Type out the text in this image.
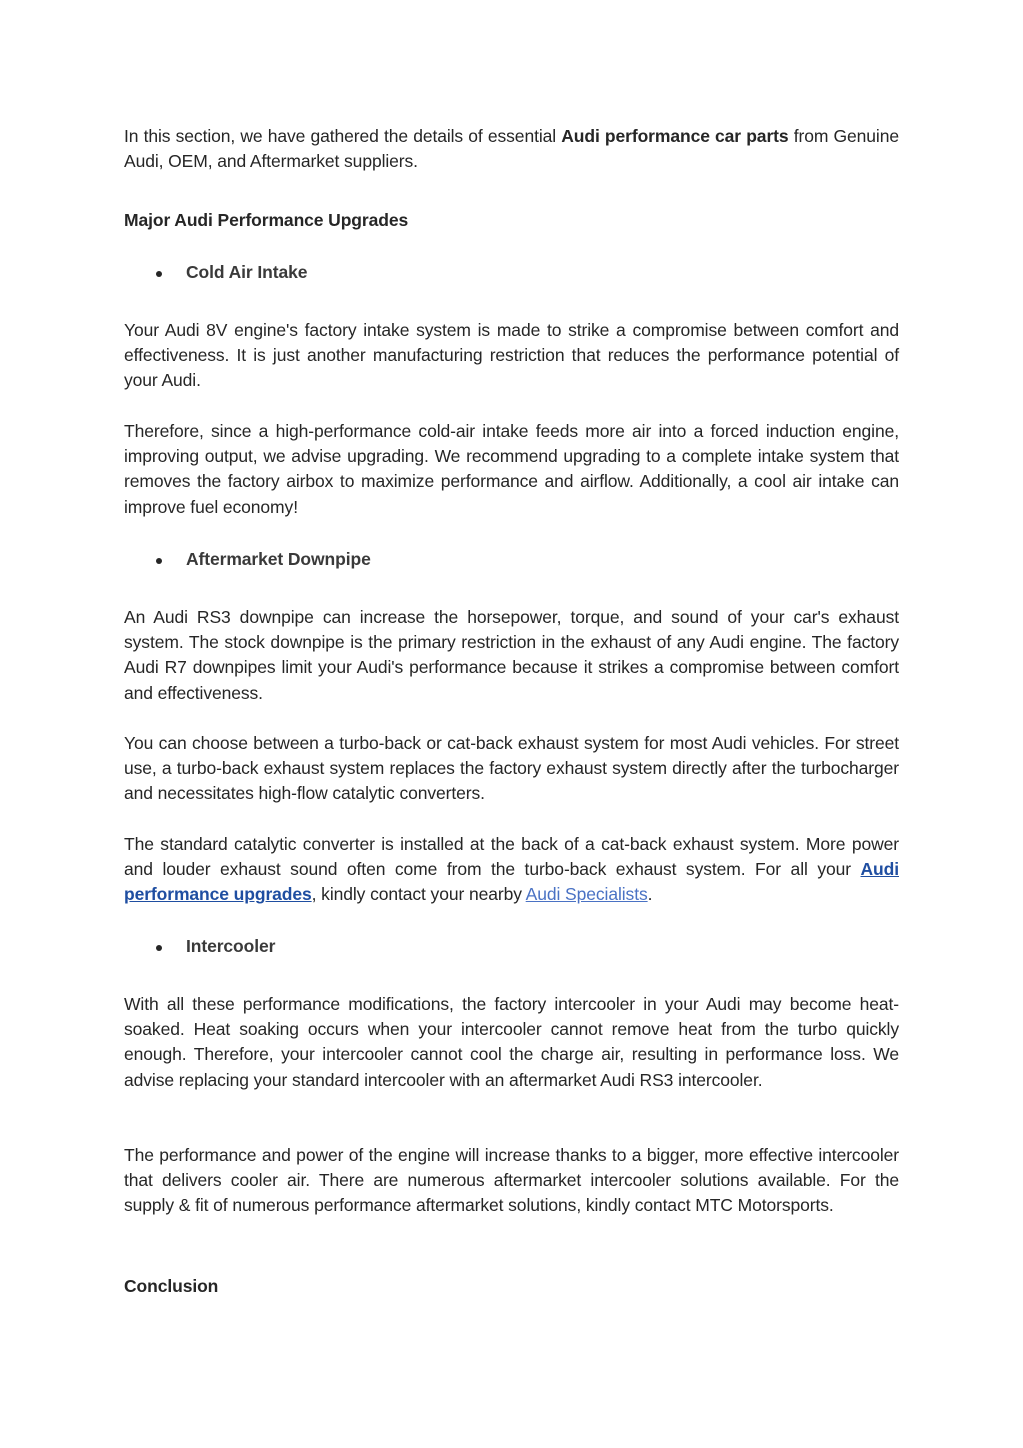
In this section, we have gathered the details of essential Audi performance car parts from Genuine Audi, OEM, and Aftermarket suppliers.

Major Audi Performance Upgrades
Cold Air Intake

Your Audi 8V engine's factory intake system is made to strike a compromise between comfort and effectiveness. It is just another manufacturing restriction that reduces the performance potential of your Audi.

Therefore, since a high-performance cold-air intake feeds more air into a forced induction engine, improving output, we advise upgrading. We recommend upgrading to a complete intake system that removes the factory airbox to maximize performance and airflow. Additionally, a cool air intake can improve fuel economy!

Aftermarket Downpipe

An Audi RS3 downpipe can increase the horsepower, torque, and sound of your car's exhaust system. The stock downpipe is the primary restriction in the exhaust of any Audi engine. The factory Audi R7 downpipes limit your Audi's performance because it strikes a compromise between comfort and effectiveness.

You can choose between a turbo-back or cat-back exhaust system for most Audi vehicles. For street use, a turbo-back exhaust system replaces the factory exhaust system directly after the turbocharger and necessitates high-flow catalytic converters.

The standard catalytic converter is installed at the back of a cat-back exhaust system. More power and louder exhaust sound often come from the turbo-back exhaust system. For all your Audi performance upgrades, kindly contact your nearby Audi Specialists.

Intercooler

With all these performance modifications, the factory intercooler in your Audi may become heat-soaked. Heat soaking occurs when your intercooler cannot remove heat from the turbo quickly enough. Therefore, your intercooler cannot cool the charge air, resulting in performance loss. We advise replacing your standard intercooler with an aftermarket Audi RS3 intercooler.

The performance and power of the engine will increase thanks to a bigger, more effective intercooler that delivers cooler air. There are numerous aftermarket intercooler solutions available. For the supply & fit of numerous performance aftermarket solutions, kindly contact MTC Motorsports.

Conclusion
